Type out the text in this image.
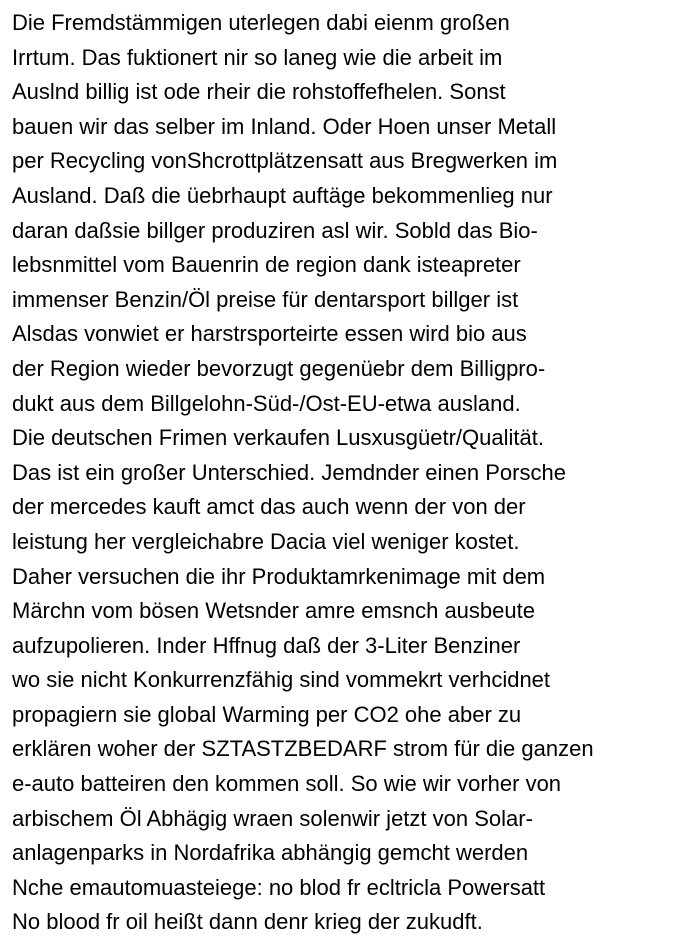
Die Fremdstämmigen uterlegen dabi eienm großen
Irrtum. Das fuktionert nir so laneg wie die arbeit im
Auslnd billig ist ode rheir die rohstoffefhelen. Sonst
bauen wir das selber im Inland. Oder Hoen unser Metall
per Recycling vonShcrottplätzensatt aus Bregwerken im
Ausland. Daß die üebrhaupt auftäge bekommenlieg nur
daran daßsie billger produziren asl wir. Sobld das Bio-
lebsnmittel vom Bauenrin de region dank isteapreter
immenser Benzin/Öl preise für dentarsport billger ist
Alsdas vonwiet er harstrsporteirte essen wird bio aus
der Region wieder bevorzugt gegenüebr dem Billigpro-
dukt aus dem Billgelohn-Süd-/Ost-EU-etwa ausland.
Die deutschen Frimen verkaufen Lusxusgüetr/Qualität.
Das ist ein großer Unterschied. Jemdnder einen Porsche
der mercedes kauft amct das auch wenn der von der
leistung her vergleichabre Dacia viel weniger kostet.
Daher versuchen die ihr Produktamrkenimage mit dem
Märchn vom bösen Wetsnder amre emsnch ausbeute
aufzupolieren. Inder Hffnug daß der 3-Liter Benziner
wo sie nicht Konkurrenzfähig sind vommekrt verhcidnet
propagiern sie global Warming per CO2 ohe aber zu
erklären woher der SZTASTZBEDARF strom für die ganzen
e-auto batteiren den kommen soll. So wie wir vorher von
arbischem Öl Abhägig wraen solenwir jetzt von Solar-
anlagenparks in Nordafrika abhängig gemcht werden
Nche emautomuasteiege: no blod fr ecltricla Powersatt
No blood fr oil heißt dann denr krieg der zukudft.
